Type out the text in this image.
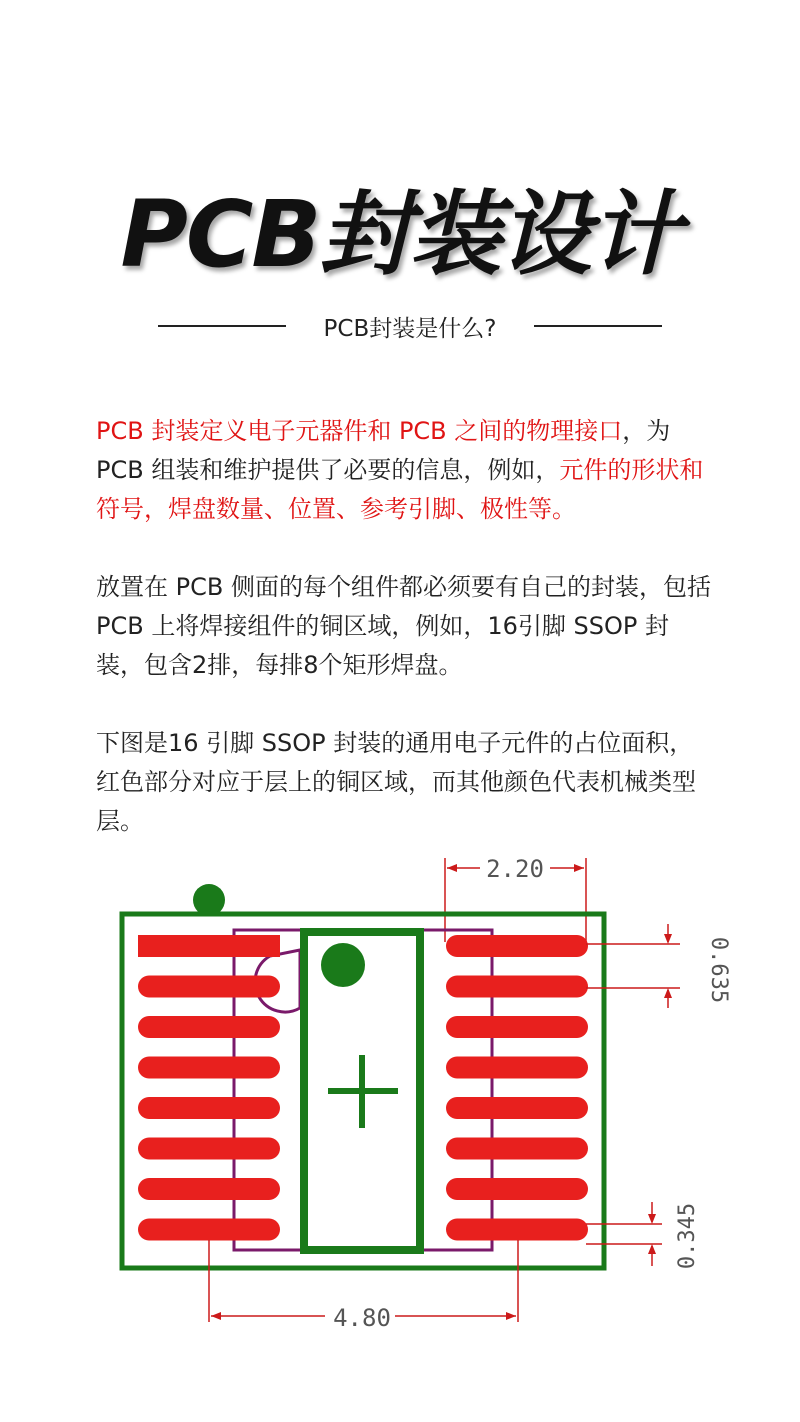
PCB封装设计
PCB封装是什么?

PCB 封装定义电子元器件和 PCB 之间的物理接口，为 PCB 组装和维护提供了必要的信息，例如，元件的形状和符号，焊盘数量、位置、参考引脚、极性等。

放置在 PCB 侧面的每个组件都必须要有自己的封装，包括 PCB 上将焊接组件的铜区域，例如，16引脚 SSOP 封装，包含2排，每排8个矩形焊盘。

下图是16 引脚 SSOP 封装的通用电子元件的占位面积，红色部分对应于层上的铜区域，而其他颜色代表机械类型层。

2.20
0.635
0.345
4.80
